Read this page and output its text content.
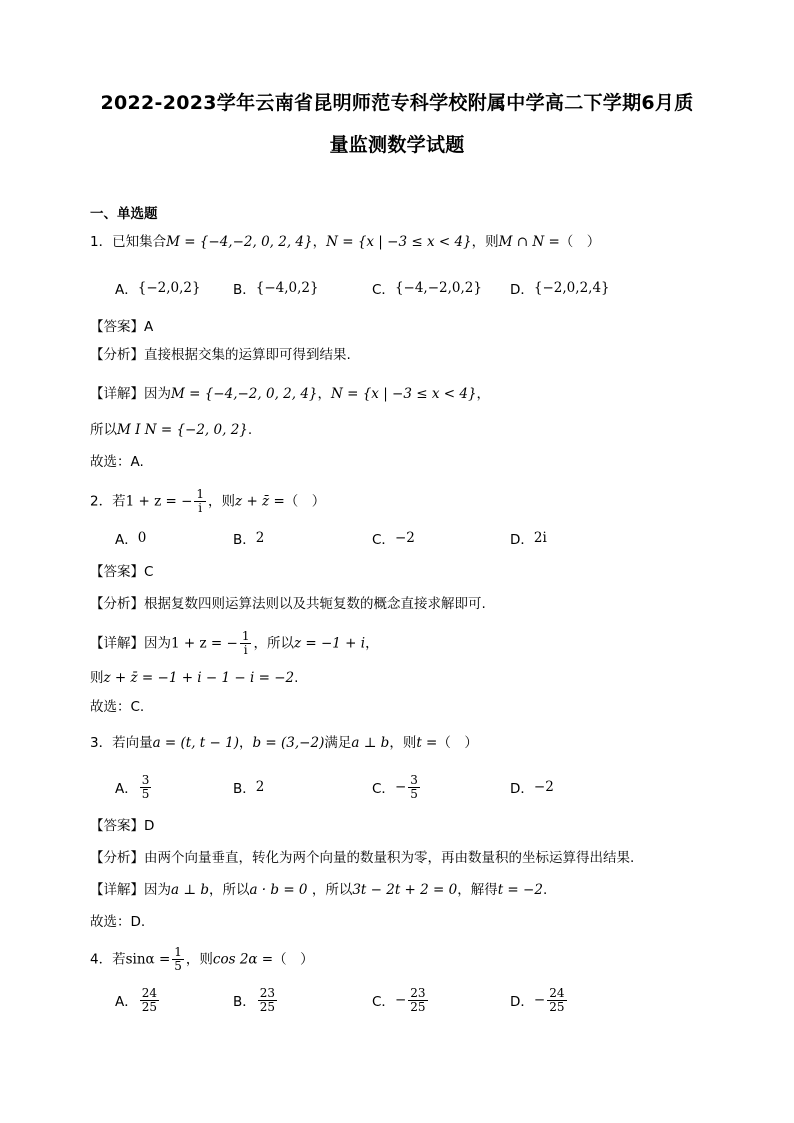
2022-2023学年云南省昆明师范专科学校附属中学高二下学期6月质
量监测数学试题
一、单选题
1．已知集合M = {−4,−2, 0, 2, 4}，N = {x | −3 ≤ x < 4}，则M ∩ N =（　）
A． {−2,0,2} B． {−4,0,2}	C． {−4,−2,0,2} D． {−2,0,2,4}
【答案】A
【分析】直接根据交集的运算即可得到结果.
【详解】因为M = {−4,−2, 0, 2, 4}，N = {x | −3 ≤ x < 4}，
所以M I N = {−2, 0, 2}.
故选：A.
2．若1 + z = − $\frac{1}{i}$ ，则z + z̄ =（　）
A． 0	B． 2	C． −2	D． 2i
【答案】C
【分析】根据复数四则运算法则以及共轭复数的概念直接求解即可.
【详解】因为1 + z = − $\frac{1}{i}$ ，所以z = −1 + i，
则z + z̄ = −1 + i − 1 − i = −2.
故选：C.
3．若向量a = (t, t − 1)，b = (3,−2)满足a ⊥ b，则t =（　）
A． $\frac{3}{5}$	B． 2	C． − $\frac{3}{5}$	D． −2
【答案】D
【分析】由两个向量垂直，转化为两个向量的数量积为零，再由数量积的坐标运算得出结果.
【详解】因为a ⊥ b，所以a · b = 0 ，所以3t − 2t + 2 = 0，解得t = −2.
故选：D.
4．若$\sin\alpha = \frac{1}{5}$ ，则cos 2α =（　）
A． $\frac{24}{25}$	B． $\frac{23}{25}$	C． − $\frac{23}{25}$	D． − $\frac{24}{25}$
